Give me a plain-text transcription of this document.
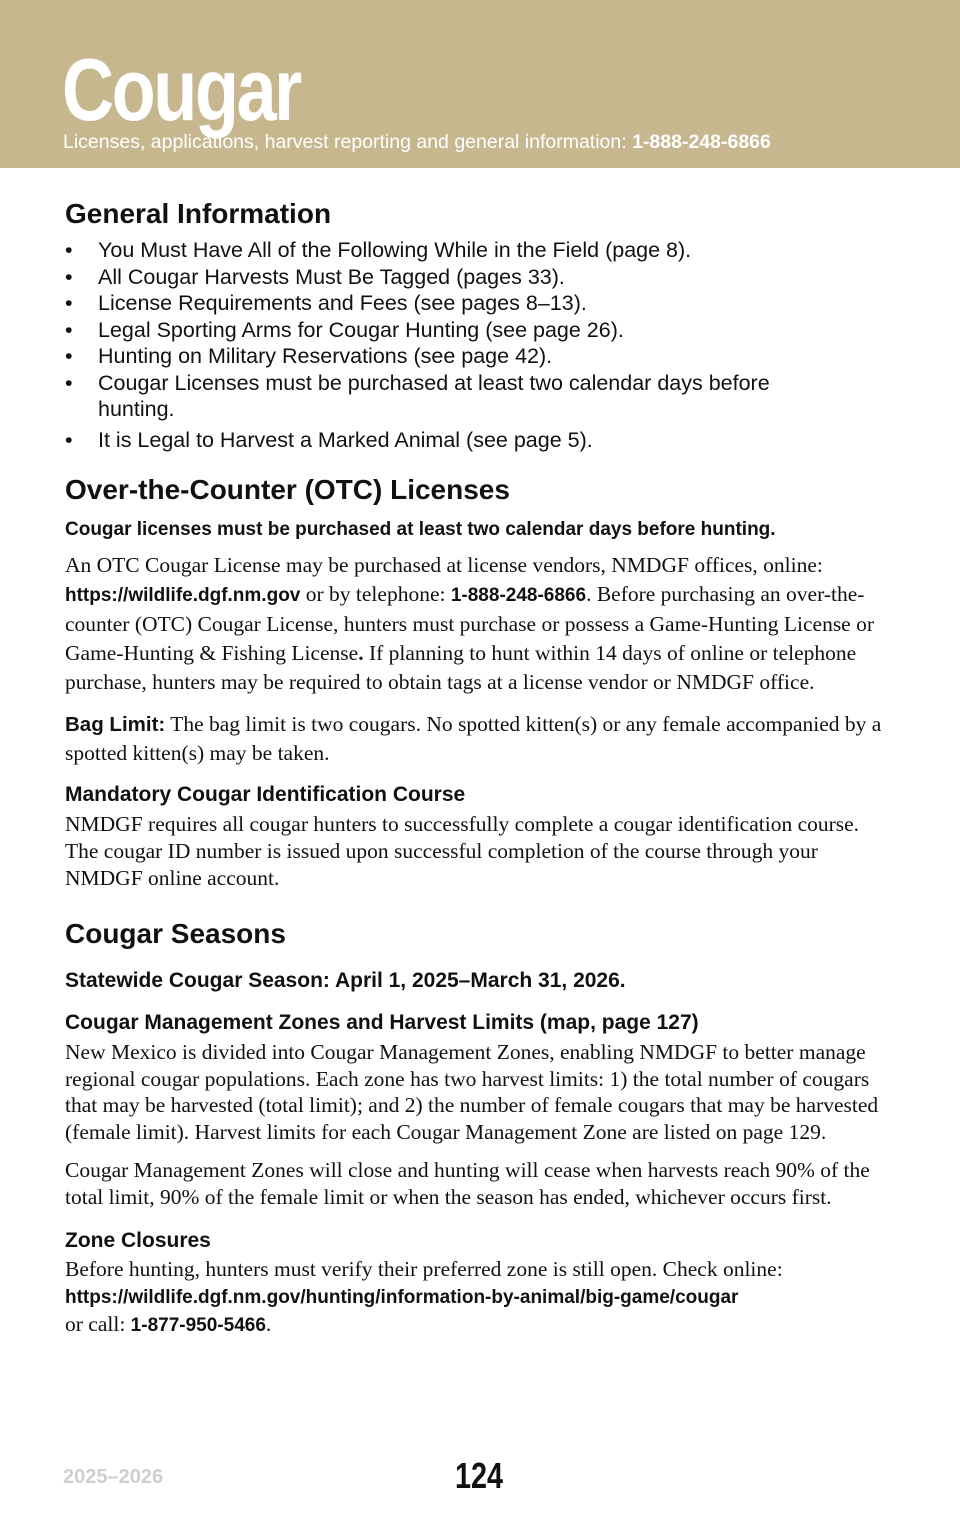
Cougar
Licenses, applications, harvest reporting and general information: 1-888-248-6866
General Information
• You Must Have All of the Following While in the Field (page 8).
• All Cougar Harvests Must Be Tagged (pages 33).
• License Requirements and Fees (see pages 8–13).
• Legal Sporting Arms for Cougar Hunting (see page 26).
• Hunting on Military Reservations (see page 42).
• Cougar Licenses must be purchased at least two calendar days before hunting.
• It is Legal to Harvest a Marked Animal (see page 5).
Over-the-Counter (OTC) Licenses

Cougar licenses must be purchased at least two calendar days before hunting.

An OTC Cougar License may be purchased at license vendors, NMDGF offices, online: https://wildlife.dgf.nm.gov or by telephone: 1-888-248-6866. Before purchasing an over-the-counter (OTC) Cougar License, hunters must purchase or possess a Game-Hunting License or Game-Hunting & Fishing License. If planning to hunt within 14 days of online or telephone purchase, hunters may be required to obtain tags at a license vendor or NMDGF office.

Bag Limit: The bag limit is two cougars. No spotted kitten(s) or any female accompanied by a spotted kitten(s) may be taken.

Mandatory Cougar Identification Course

NMDGF requires all cougar hunters to successfully complete a cougar identification course. The cougar ID number is issued upon successful completion of the course through your NMDGF online account.

Cougar Seasons
Statewide Cougar Season: April 1, 2025–March 31, 2026.
Cougar Management Zones and Harvest Limits (map, page 127)

New Mexico is divided into Cougar Management Zones, enabling NMDGF to better manage regional cougar populations. Each zone has two harvest limits: 1) the total number of cougars that may be harvested (total limit); and 2) the number of female cougars that may be harvested (female limit). Harvest limits for each Cougar Management Zone are listed on page 129.

Cougar Management Zones will close and hunting will cease when harvests reach 90% of the total limit, 90% of the female limit or when the season has ended, whichever occurs first.

Zone Closures

Before hunting, hunters must verify their preferred zone is still open. Check online:
https://wildlife.dgf.nm.gov/hunting/information-by-animal/big-game/cougar
or call: 1-877-950-5466.

2025–2026	124
